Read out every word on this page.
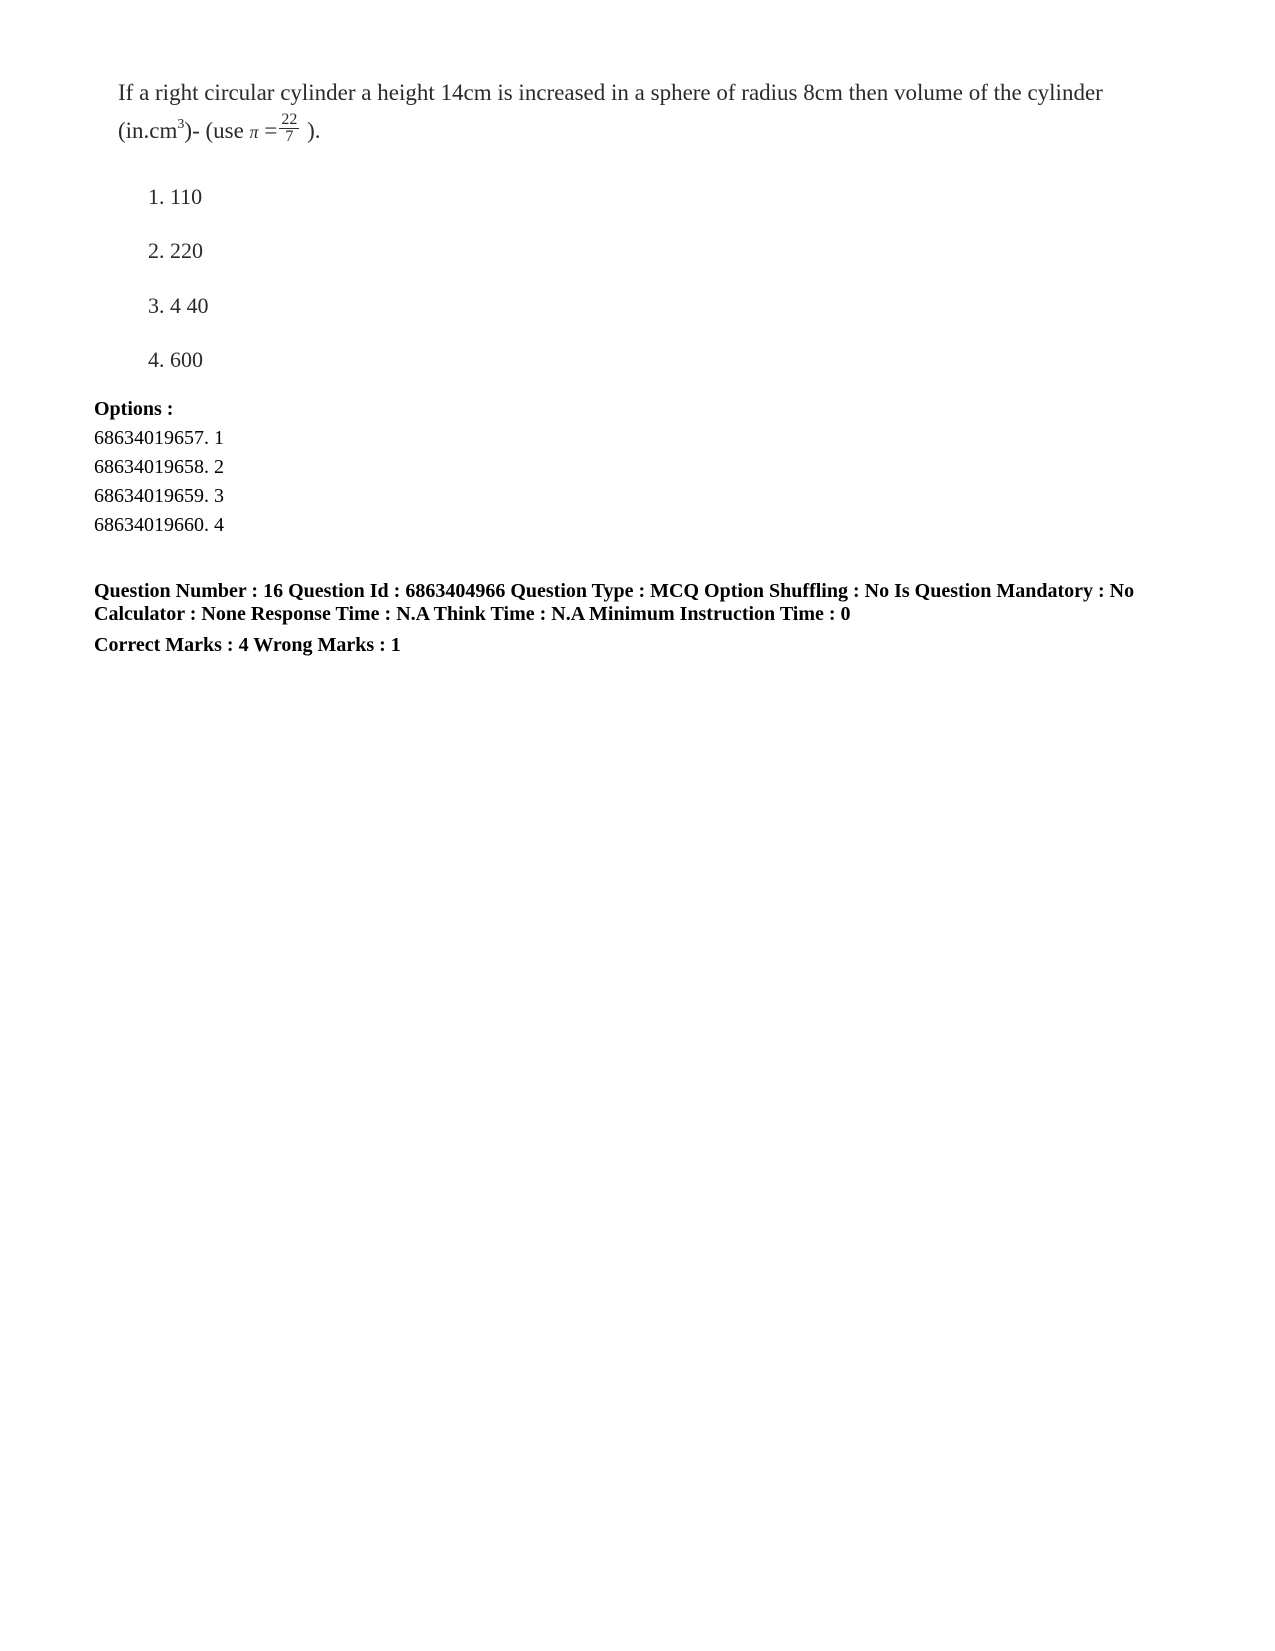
If a right circular cylinder a height 14cm is increased in a sphere of radius 8cm then volume of the cylinder
$(in.cm^3)-$ (use $\pi = \frac{22}{7}$ ).
1. 110
2. 220
3. 4 40
4. 600
Options :
68634019657. 1
68634019658. 2
68634019659. 3
68634019660. 4
Question Number : 16 Question Id : 6863404966 Question Type : MCQ Option Shuffling : No Is Question Mandatory : No Calculator : None Response Time : N.A Think Time : N.A Minimum Instruction Time : 0
Correct Marks : 4 Wrong Marks : 1
